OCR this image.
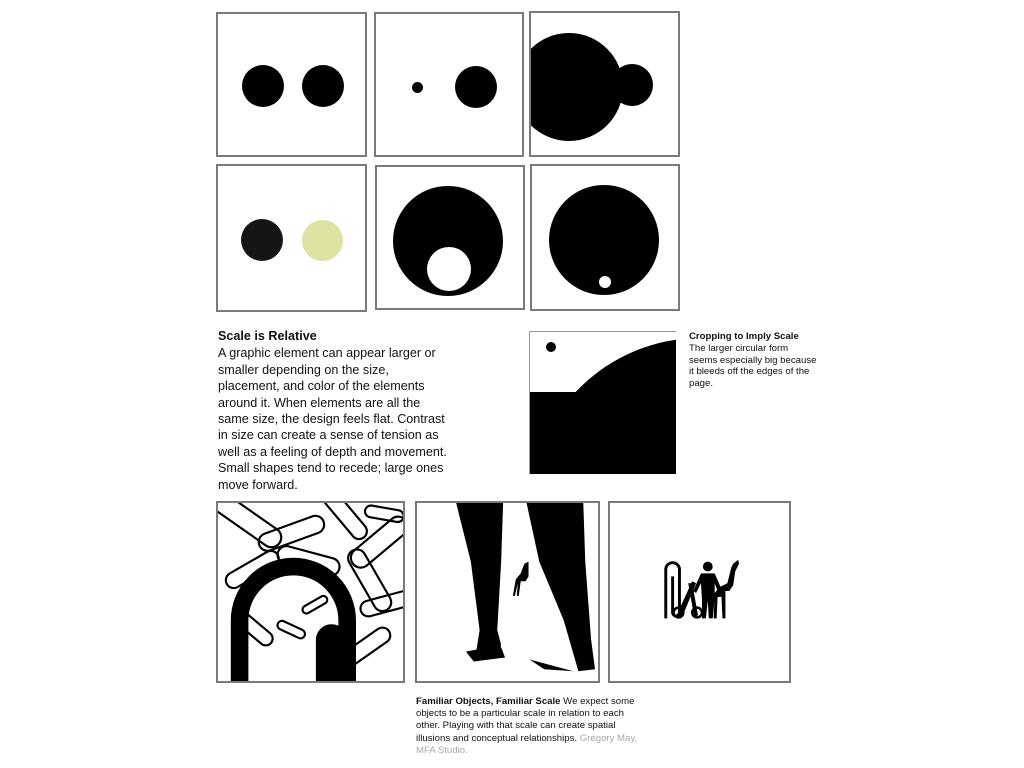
Scale is Relative

A graphic element can appear larger or smaller depending on the size, placement, and color of the elements around it. When elements are all the same size, the design feels flat. Contrast in size can create a sense of tension as well as a feeling of depth and movement. Small shapes tend to recede; large ones move forward.

Cropping to Imply Scale
The larger circular form seems especially big because it bleeds off the edges of the page.
Familiar Objects, Familiar Scale We expect some objects to be a particular scale in relation to each other. Playing with that scale can create spatial illusions and conceptual relationships. Gregory May, MFA Studio.
